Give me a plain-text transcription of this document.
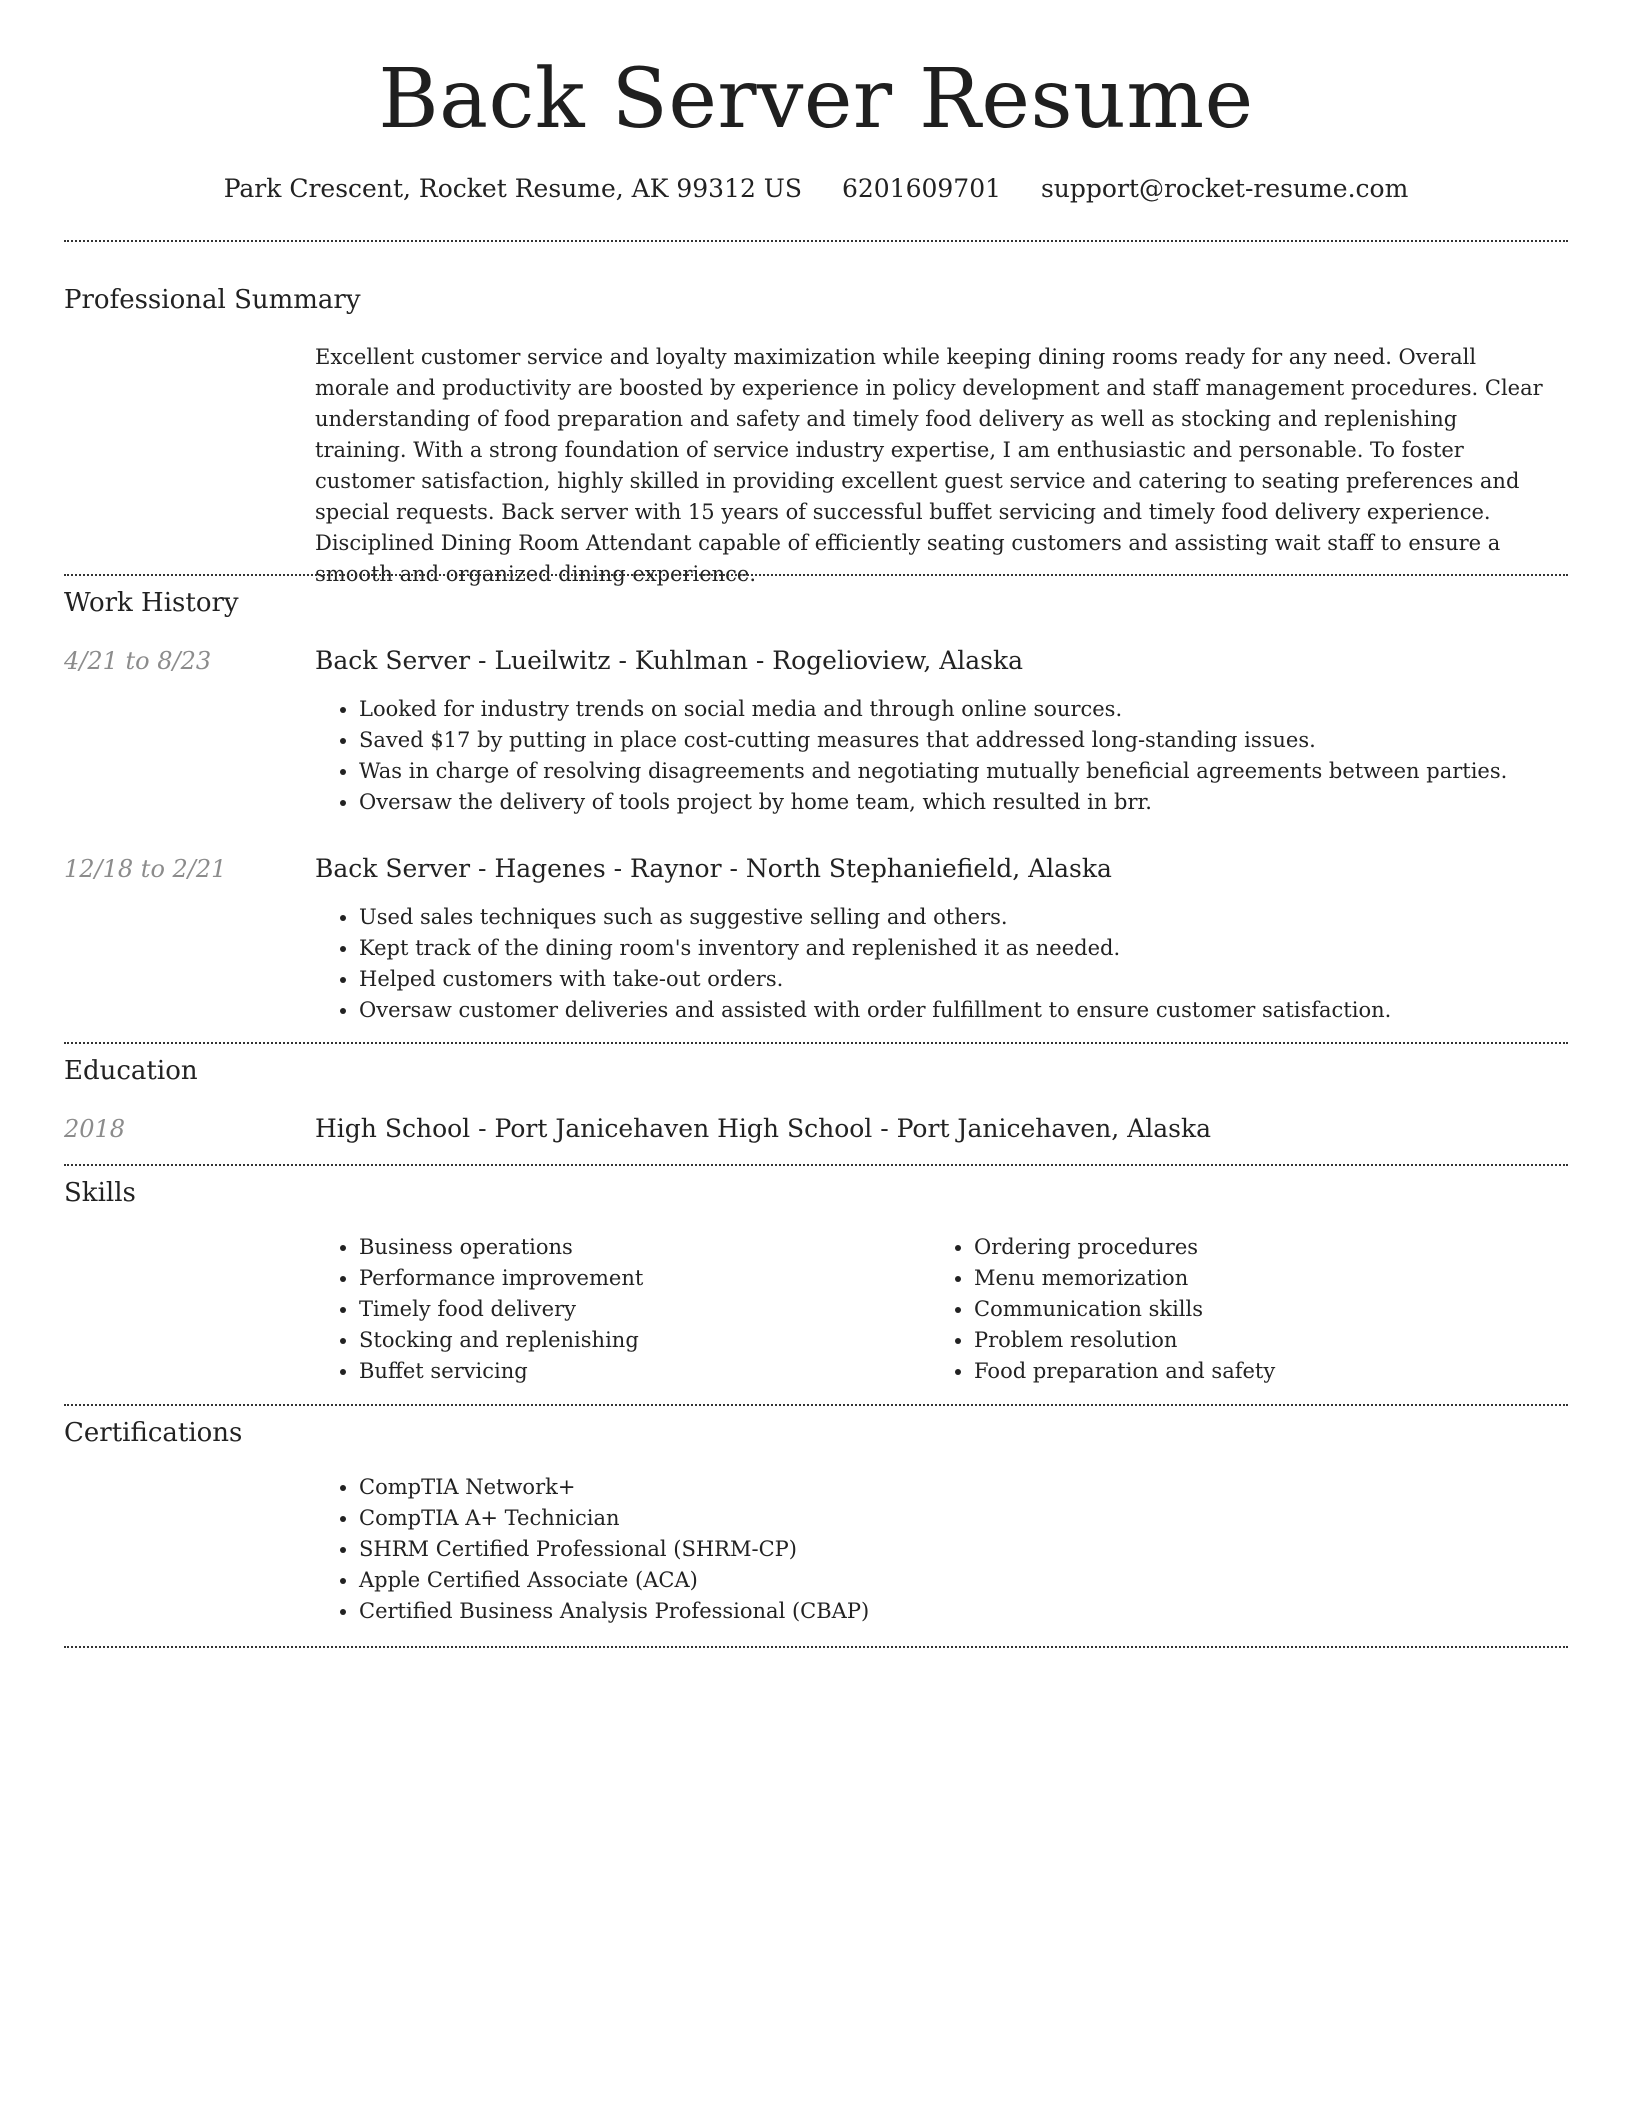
Back Server Resume
Park Crescent, Rocket Resume, AK 99312 US 6201609701 support@rocket-resume.com
Professional Summary

Excellent customer service and loyalty maximization while keeping dining rooms ready for any need. Overall morale and productivity are boosted by experience in policy development and staff management procedures. Clear understanding of food preparation and safety and timely food delivery as well as stocking and replenishing training. With a strong foundation of service industry expertise, I am enthusiastic and personable. To foster customer satisfaction, highly skilled in providing excellent guest service and catering to seating preferences and special requests. Back server with 15 years of successful buffet servicing and timely food delivery experience. Disciplined Dining Room Attendant capable of efficiently seating customers and assisting wait staff to ensure a smooth and organized dining experience.

Work History
4/21 to 8/23	Back Server - Lueilwitz - Kuhlman - Rogelioview, Alaska
• Looked for industry trends on social media and through online sources.
• Saved $17 by putting in place cost-cutting measures that addressed long-standing issues.
• Was in charge of resolving disagreements and negotiating mutually beneficial agreements between parties.
• Oversaw the delivery of tools project by home team, which resulted in brr.
12/18 to 2/21	Back Server - Hagenes - Raynor - North Stephaniefield, Alaska
• Used sales techniques such as suggestive selling and others.
• Kept track of the dining room's inventory and replenished it as needed.
• Helped customers with take-out orders.
• Oversaw customer deliveries and assisted with order fulfillment to ensure customer satisfaction.
Education
2018	High School - Port Janicehaven High School - Port Janicehaven, Alaska
Skills
• Business operations
• Performance improvement
• Timely food delivery
• Stocking and replenishing
• Buffet servicing
• Ordering procedures
• Menu memorization
• Communication skills
• Problem resolution
• Food preparation and safety
Certifications
• CompTIA Network+
• CompTIA A+ Technician
• SHRM Certified Professional (SHRM-CP)
• Apple Certified Associate (ACA)
• Certified Business Analysis Professional (CBAP)
